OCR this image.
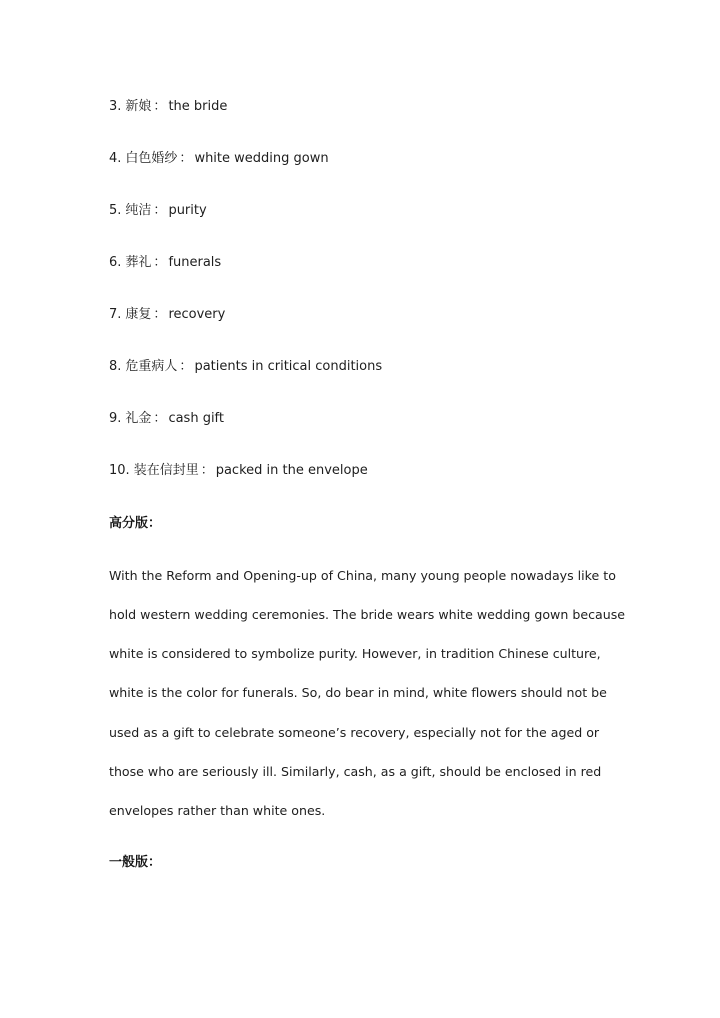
3. 新娘 ： the bride
4. 白色婚纱 ： white wedding gown
5. 纯洁 ： purity
6. 葬礼 ： funerals
7. 康复 ： recovery
8. 危重病人 ： patients in critical conditions
9. 礼金 ： cash gift
10. 装在信封里 ： packed in the envelope
高分版：
With the Reform and Opening-up of China, many young people nowadays like to
hold western wedding ceremonies. The bride wears white wedding gown because
white is considered to symbolize purity. However, in tradition Chinese culture,
white is the color for funerals. So, do bear in mind, white flowers should not be
used as a gift to celebrate someone’s recovery, especially not for the aged or
those who are seriously ill. Similarly, cash, as a gift, should be enclosed in red
envelopes rather than white ones.
一般版：
